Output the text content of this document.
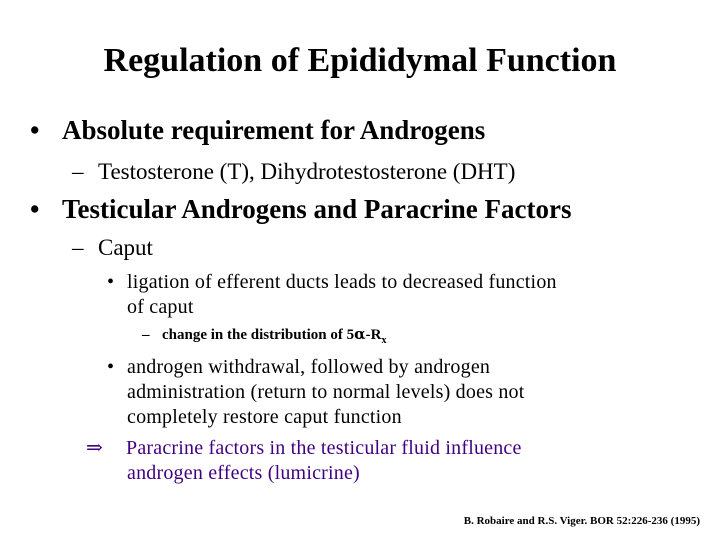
Regulation of Epididymal Function
• Absolute requirement for Androgens
– Testosterone (T), Dihydrotestosterone (DHT)
• Testicular Androgens and Paracrine Factors
– Caput
• ligation of efferent ducts leads to decreased function
of caput
– change in the distribution of $5\alpha-R_x$
• androgen withdrawal, followed by androgen
administration (return to normal levels) does not
completely restore caput function
⇒ Paracrine factors in the testicular fluid influence
androgen effects (lumicrine)
B. Robaire and R.S. Viger. BOR 52:226-236 (1995)
